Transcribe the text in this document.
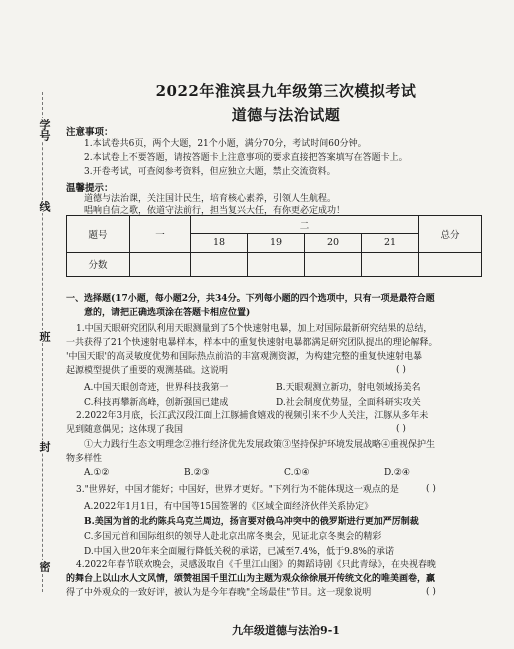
学号
线
班
封
密
2022年淮滨县九年级第三次模拟考试
道德与法治试题
注意事项：
1.本试卷共6页，两个大题，21个小题，满分70分，考试时间60分钟。
2.本试卷上不要答题，请按答题卡上注意事项的要求直接把答案填写在答题卡上。
3.开卷考试，可查阅参考资料，但应独立大题，禁止交流资料。
温馨提示：
道德与法治课，关注国计民生，培育核心素养，引领人生航程。
唱响自信之歌，依道守法前行，担当复兴大任，有你更必定成功！
题号	一	二				总分
		18	19	20	21	
分数						
一、选择题(17小题，每小题2分，共34分。下列每小题的四个选项中，只有一项是最符合题
意的，请把正确选项涂在答题卡相应位置)
1.中国天眼研究团队利用天眼测量到了5个快速射电暴，加上对国际最新研究结果的总结，
一共获得了21个快速射电暴样本，样本中的重复快速射电暴都满足研究团队提出的理论解释。
'中国天眼'的高灵敏度优势和国际热点前沿的丰富观测资源，为构建完整的重复快速射电暴
起源模型提供了重要的观测基础。这说明	( )
A.中国天眼创奇迹，世界科技我第一	B.天眼观测立新功，射电领域扬美名
C.科技再攀新高峰，创新强国已建成	D.社会制度优势显，全面科研实攻关
2.2022年3月底，长江武汉段江面上江豚捕食嬉戏的视频引来不少人关注，江豚从多年未
见到随意偶见；这体现了我国	( )
①大力践行生态文明理念②推行经济优先发展政策③坚持保护环境发展战略④重视保护生
物多样性
A.①②	B.②③	C.①④	D.②④
3."世界好，中国才能好；中国好，世界才更好。"下列行为不能体现这一观点的是	( )
A.2022年1月1日，有中国等15国签署的《区域全面经济伙伴关系协定》
B.美国为首的北约陈兵乌克兰周边，扬言要对俄乌冲突中的俄罗斯进行更加严厉制裁
C.多国元首和国际组织的领导人赴北京出席冬奥会，见证北京冬奥会的精彩
D.中国入世20年来全面履行降低关税的承诺，已减至7.4%，低于9.8%的承诺
4.2022年春节联欢晚会，灵感汲取自《千里江山图》的舞蹈诗剧《只此青绿》，在央视春晚
的舞台上以山水人文风情，颂赞祖国千里江山为主题为观众徐徐展开传统文化的唯美画卷，赢
得了中外观众的一致好评，被认为是今年春晚"全场最佳"节目。这一现象说明	( )
九年级道德与法治9-1
